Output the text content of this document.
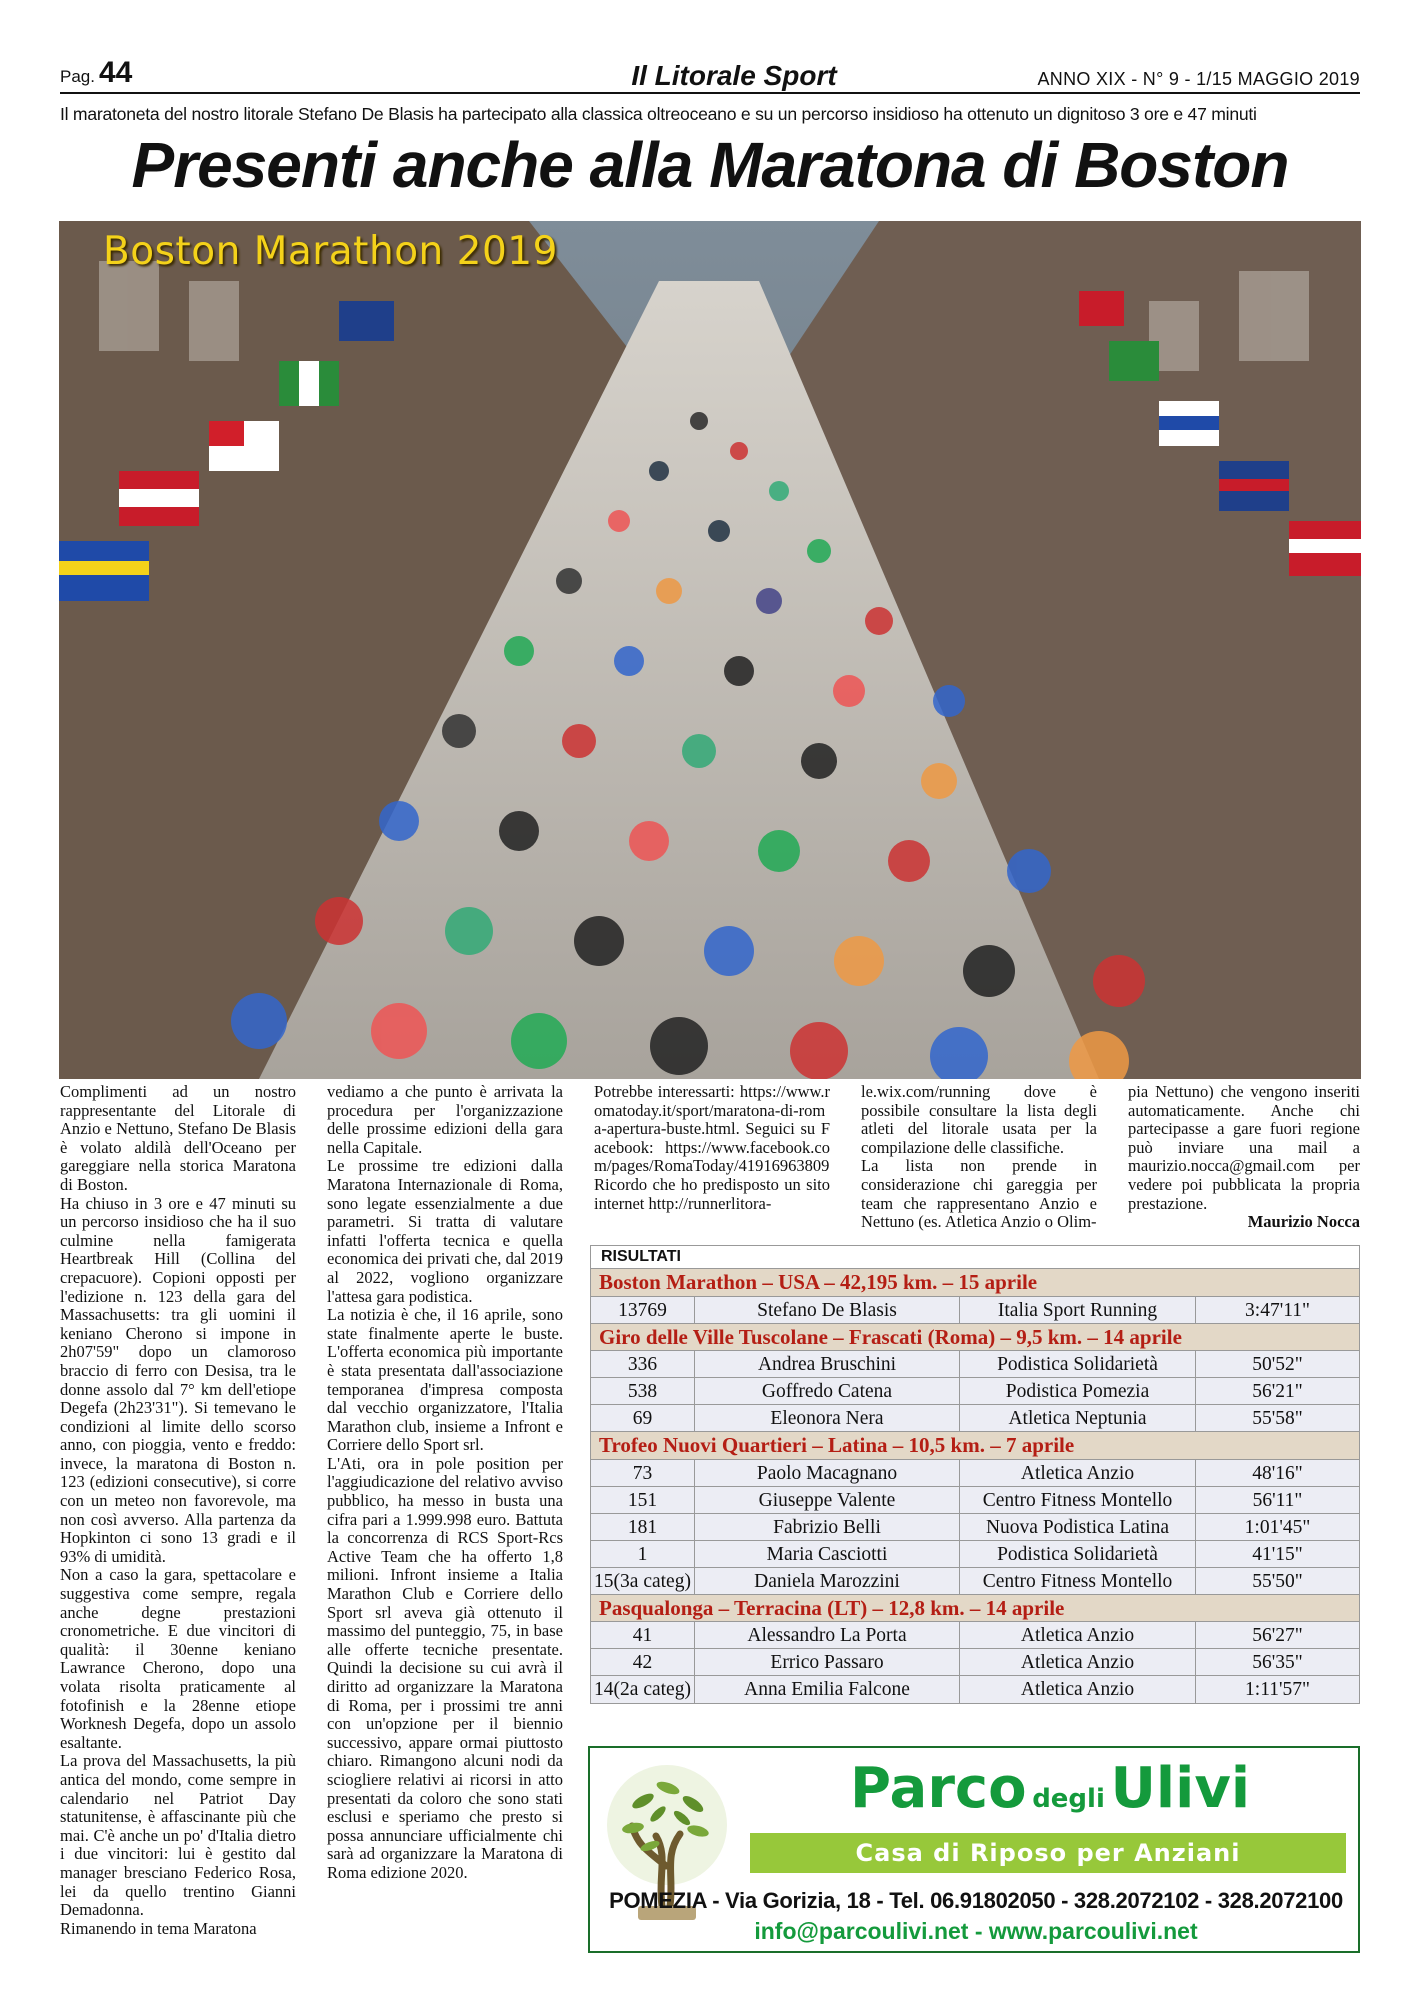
Pag. 44	Il Litorale Sport	ANNO XIX - N° 9 - 1/15 MAGGIO 2019
Il maratoneta del nostro litorale Stefano De Blasis ha partecipato alla classica oltreoceano e su un percorso insidioso ha ottenuto un dignitoso 3 ore e 47 minuti
Presenti anche alla Maratona di Boston
Boston Marathon 2019

Complimenti ad un nostro rappresentante del Litorale di Anzio e Nettuno, Stefano De Blasis è volato aldilà dell'Oceano per gareggiare nella storica Maratona di Boston.

Ha chiuso in 3 ore e 47 minuti su un percorso insidioso che ha il suo culmine nella famigerata Heartbreak Hill (Collina del crepacuore). Copioni opposti per l'edizione n. 123 della gara del Massachusetts: tra gli uomini il keniano Cherono si impone in 2h07'59" dopo un clamoroso braccio di ferro con Desisa, tra le donne assolo dal 7° km dell'etiope Degefa (2h23'31"). Si temevano le condizioni al limite dello scorso anno, con pioggia, vento e freddo: invece, la maratona di Boston n. 123 (edizioni consecutive), si corre con un meteo non favorevole, ma non così avverso. Alla partenza da Hopkinton ci sono 13 gradi e il 93% di umidità.

Non a caso la gara, spettacolare e suggestiva come sempre, regala anche degne prestazioni cronometriche. E due vincitori di qualità: il 30enne keniano Lawrance Cherono, dopo una volata risolta praticamente al fotofinish e la 28enne etiope Worknesh Degefa, dopo un assolo esaltante.

La prova del Massachusetts, la più antica del mondo, come sempre in calendario nel Patriot Day statunitense, è affascinante più che mai. C'è anche un po' d'Italia dietro i due vincitori: lui è gestito dal manager bresciano Federico Rosa, lei da quello trentino Gianni Demadonna.

Rimanendo in tema Maratona

vediamo a che punto è arrivata la procedura per l'organizzazione delle prossime edizioni della gara nella Capitale.

Le prossime tre edizioni dalla Maratona Internazionale di Roma, sono legate essenzialmente a due parametri. Si tratta di valutare infatti l'offerta tecnica e quella economica dei privati che, dal 2019 al 2022, vogliono organizzare l'attesa gara podistica.

La notizia è che, il 16 aprile, sono state finalmente aperte le buste. L'offerta economica più importante è stata presentata dall'associazione temporanea d'impresa composta dal vecchio organizzatore, l'Italia Marathon club, insieme a Infront e Corriere dello Sport srl.

L'Ati, ora in pole position per l'aggiudicazione del relativo avviso pubblico, ha messo in busta una cifra pari a 1.999.998 euro. Battuta la concorrenza di RCS Sport-Rcs Active Team che ha offerto 1,8 milioni. Infront insieme a Italia Marathon Club e Corriere dello Sport srl aveva già ottenuto il massimo del punteggio, 75, in base alle offerte tecniche presentate. Quindi la decisione su cui avrà il diritto ad organizzare la Maratona di Roma, per i prossimi tre anni con un'opzione per il biennio successivo, appare ormai piuttosto chiaro. Rimangono alcuni nodi da sciogliere relativi ai ricorsi in atto presentati da coloro che sono stati esclusi e speriamo che presto si possa annunciare ufficialmente chi sarà ad organizzare la Maratona di Roma edizione 2020.

Potrebbe interessarti: https://www.romatoday.it/sport/maratona-di-roma-apertura-buste.html. Seguici su Facebook: https://www.facebook.com/pages/RomaToday/41916963809 Ricordo che ho predisposto un sito internet http://runnerlitora-

le.wix.com/running dove è possibile consultare la lista degli atleti del litorale usata per la compilazione delle classifiche.

La lista non prende in considerazione chi gareggia per team che rappresentano Anzio e Nettuno (es. Atletica Anzio o Olim-

pia Nettuno) che vengono inseriti automaticamente. Anche chi partecipasse a gare fuori regione può inviare una mail a maurizio.nocca@gmail.com per vedere poi pubblicata la propria prestazione.

Maurizio Nocca

RISULTATI
Boston Marathon – USA – 42,195 km. – 15 aprile
13769	Stefano De Blasis	Italia Sport Running	3:47'11"
Giro delle Ville Tuscolane – Frascati (Roma) – 9,5 km. – 14 aprile
336	Andrea Bruschini	Podistica Solidarietà	50'52"
538	Goffredo Catena	Podistica Pomezia	56'21"
69	Eleonora Nera	Atletica Neptunia	55'58"
Trofeo Nuovi Quartieri – Latina – 10,5 km. – 7 aprile
73	Paolo Macagnano	Atletica Anzio	48'16"
151	Giuseppe Valente	Centro Fitness Montello	56'11"
181	Fabrizio Belli	Nuova Podistica Latina	1:01'45"
1	Maria Casciotti	Podistica Solidarietà	41'15"
15(3a categ)	Daniela Marozzini	Centro Fitness Montello	55'50"
Pasqualonga – Terracina (LT) – 12,8 km. – 14 aprile
41	Alessandro La Porta	Atletica Anzio	56'27"
42	Errico Passaro	Atletica Anzio	56'35"
14(2a categ)	Anna Emilia Falcone	Atletica Anzio	1:11'57"
Parco degli Ulivi
Casa di Riposo per Anziani
POMEZIA - Via Gorizia, 18 - Tel. 06.91802050 - 328.2072102 - 328.2072100
info@parcoulivi.net - www.parcoulivi.net
